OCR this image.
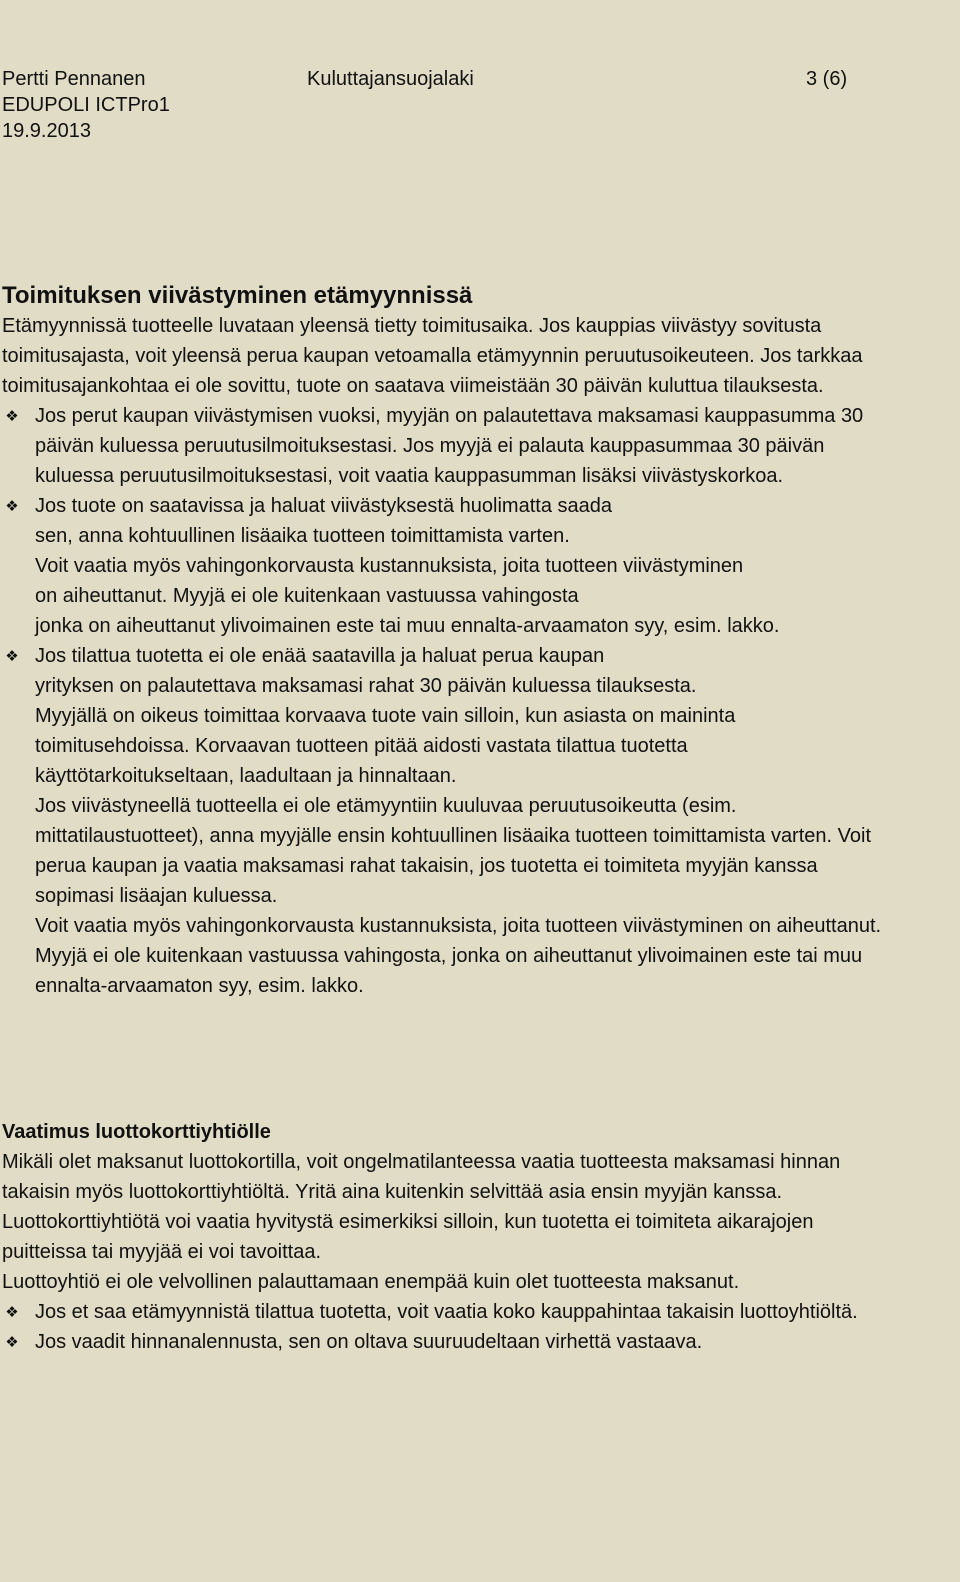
Pertti Pennanen
EDUPOLI ICTPro1
19.9.2013
Kuluttajansuojalaki	3 (6)
Toimituksen viivästyminen etämyynnissä

Etämyynnissä tuotteelle luvataan yleensä tietty toimitusaika. Jos kauppias viivästyy sovitusta toimitusajasta, voit yleensä perua kaupan vetoamalla etämyynnin peruutusoikeuteen. Jos tarkkaa toimitusajankohtaa ei ole sovittu, tuote on saatava viimeistään 30 päivän kuluttua tilauksesta.

❖ Jos perut kaupan viivästymisen vuoksi, myyjän on palautettava maksamasi kauppasumma 30 päivän kuluessa peruutusilmoituksestasi. Jos myyjä ei palauta kauppasummaa 30 päivän kuluessa peruutusilmoituksestasi, voit vaatia kauppasumman lisäksi viivästyskorkoa.
❖ Jos tuote on saatavissa ja haluat viivästyksestä huolimatta saada
sen, anna kohtuullinen lisäaika tuotteen toimittamista varten.
Voit vaatia myös vahingonkorvausta kustannuksista, joita tuotteen viivästyminen
on aiheuttanut. Myyjä ei ole kuitenkaan vastuussa vahingosta
jonka on aiheuttanut ylivoimainen este tai muu ennalta-arvaamaton syy, esim. lakko.
❖ Jos tilattua tuotetta ei ole enää saatavilla ja haluat perua kaupan
yrityksen on palautettava maksamasi rahat 30 päivän kuluessa tilauksesta.
Myyjällä on oikeus toimittaa korvaava tuote vain silloin, kun asiasta on maininta toimitusehdoissa. Korvaavan tuotteen pitää aidosti vastata tilattua tuotetta käyttötarkoitukseltaan, laadultaan ja hinnaltaan.
Jos viivästyneellä tuotteella ei ole etämyyntiin kuuluvaa peruutusoikeutta (esim. mittatilaustuotteet), anna myyjälle ensin kohtuullinen lisäaika tuotteen toimittamista varten. Voit perua kaupan ja vaatia maksamasi rahat takaisin, jos tuotetta ei toimiteta myyjän kanssa sopimasi lisäajan kuluessa.
Voit vaatia myös vahingonkorvausta kustannuksista, joita tuotteen viivästyminen on aiheuttanut.
Myyjä ei ole kuitenkaan vastuussa vahingosta, jonka on aiheuttanut ylivoimainen este tai muu ennalta-arvaamaton syy, esim. lakko.
Vaatimus luottokorttiyhtiölle

Mikäli olet maksanut luottokortilla, voit ongelmatilanteessa vaatia tuotteesta maksamasi hinnan takaisin myös luottokorttiyhtiöltä. Yritä aina kuitenkin selvittää asia ensin myyjän kanssa.

Luottokorttiyhtiötä voi vaatia hyvitystä esimerkiksi silloin, kun tuotetta ei toimiteta aikarajojen puitteissa tai myyjää ei voi tavoittaa.

Luottoyhtiö ei ole velvollinen palauttamaan enempää kuin olet tuotteesta maksanut.

❖ Jos et saa etämyynnistä tilattua tuotetta, voit vaatia koko kauppahintaa takaisin luottoyhtiöltä.
❖ Jos vaadit hinnanalennusta, sen on oltava suuruudeltaan virhettä vastaava.
